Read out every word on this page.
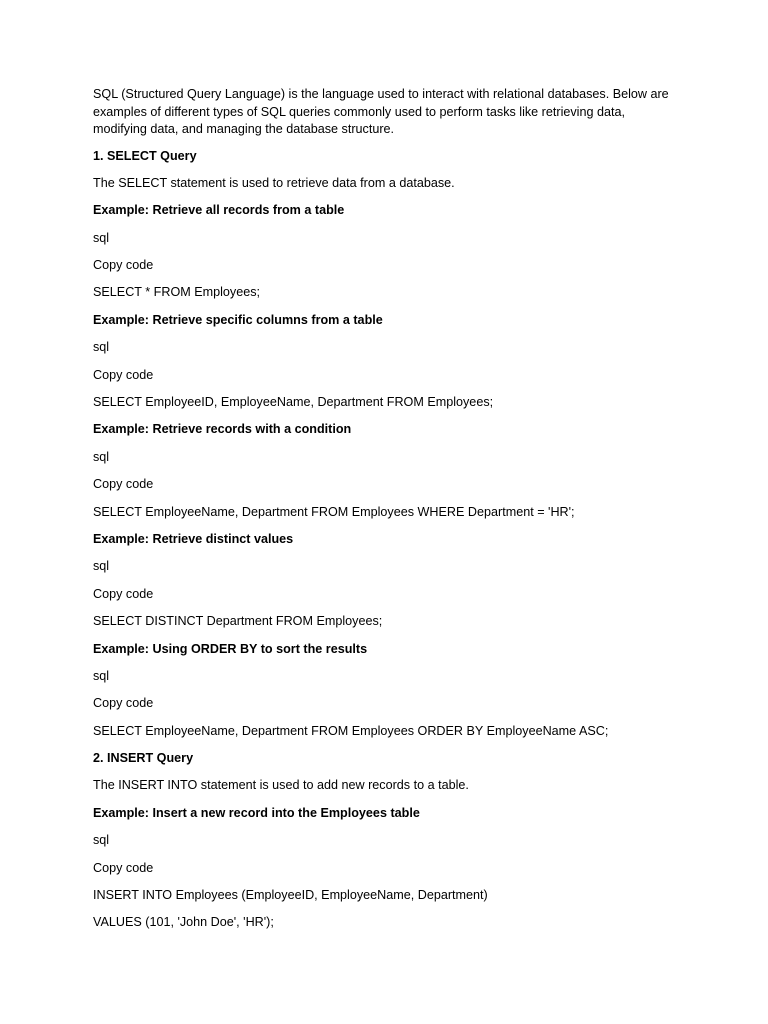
SQL (Structured Query Language) is the language used to interact with relational databases. Below are examples of different types of SQL queries commonly used to perform tasks like retrieving data, modifying data, and managing the database structure.

1. SELECT Query

The SELECT statement is used to retrieve data from a database.

Example: Retrieve all records from a table

sql

Copy code

SELECT * FROM Employees;

Example: Retrieve specific columns from a table

sql

Copy code

SELECT EmployeeID, EmployeeName, Department FROM Employees;

Example: Retrieve records with a condition

sql

Copy code

SELECT EmployeeName, Department FROM Employees WHERE Department = 'HR';

Example: Retrieve distinct values

sql

Copy code

SELECT DISTINCT Department FROM Employees;

Example: Using ORDER BY to sort the results

sql

Copy code

SELECT EmployeeName, Department FROM Employees ORDER BY EmployeeName ASC;

2. INSERT Query

The INSERT INTO statement is used to add new records to a table.

Example: Insert a new record into the Employees table

sql

Copy code

INSERT INTO Employees (EmployeeID, EmployeeName, Department)

VALUES (101, 'John Doe', 'HR');
